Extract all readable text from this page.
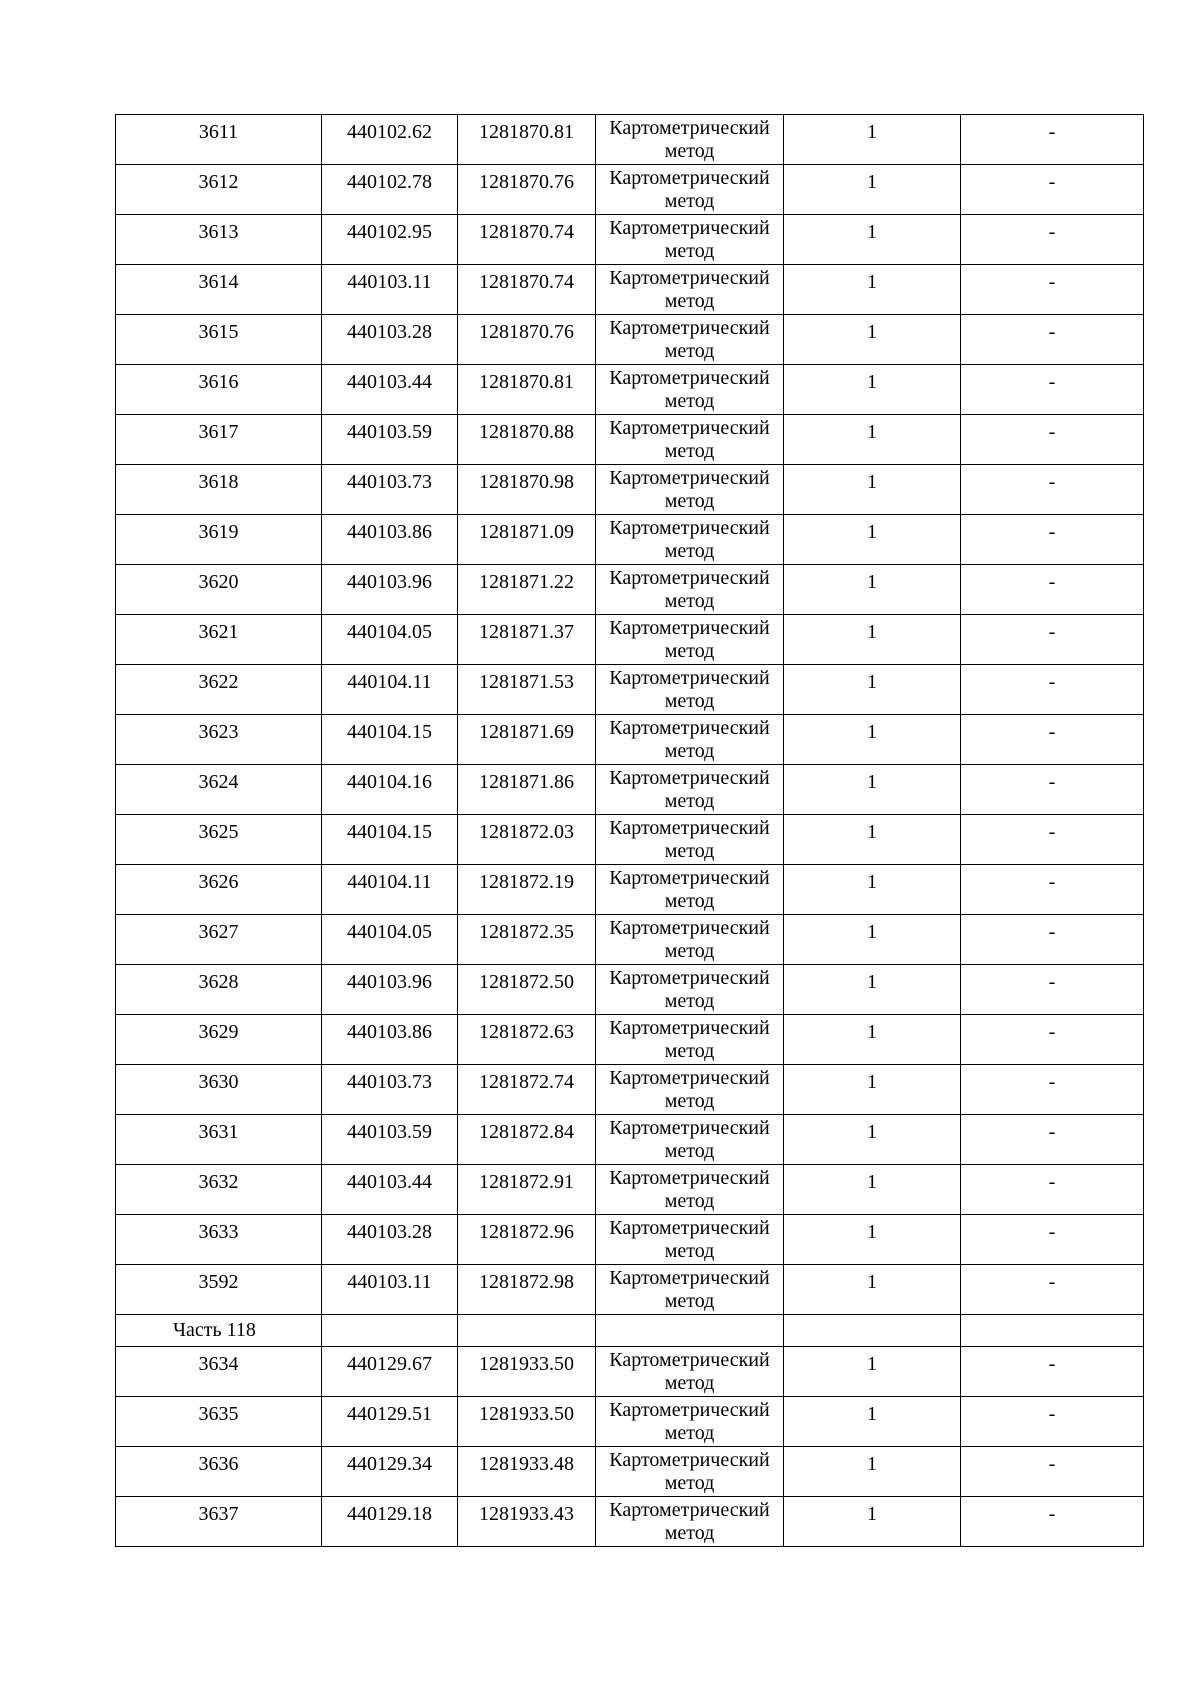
3611	440102.62	1281870.81	Картометрический метод	1	-
3612	440102.78	1281870.76	Картометрический метод	1	-
3613	440102.95	1281870.74	Картометрический метод	1	-
3614	440103.11	1281870.74	Картометрический метод	1	-
3615	440103.28	1281870.76	Картометрический метод	1	-
3616	440103.44	1281870.81	Картометрический метод	1	-
3617	440103.59	1281870.88	Картометрический метод	1	-
3618	440103.73	1281870.98	Картометрический метод	1	-
3619	440103.86	1281871.09	Картометрический метод	1	-
3620	440103.96	1281871.22	Картометрический метод	1	-
3621	440104.05	1281871.37	Картометрический метод	1	-
3622	440104.11	1281871.53	Картометрический метод	1	-
3623	440104.15	1281871.69	Картометрический метод	1	-
3624	440104.16	1281871.86	Картометрический метод	1	-
3625	440104.15	1281872.03	Картометрический метод	1	-
3626	440104.11	1281872.19	Картометрический метод	1	-
3627	440104.05	1281872.35	Картометрический метод	1	-
3628	440103.96	1281872.50	Картометрический метод	1	-
3629	440103.86	1281872.63	Картометрический метод	1	-
3630	440103.73	1281872.74	Картометрический метод	1	-
3631	440103.59	1281872.84	Картометрический метод	1	-
3632	440103.44	1281872.91	Картометрический метод	1	-
3633	440103.28	1281872.96	Картометрический метод	1	-
3592	440103.11	1281872.98	Картометрический метод	1	-
Часть 118					
3634	440129.67	1281933.50	Картометрический метод	1	-
3635	440129.51	1281933.50	Картометрический метод	1	-
3636	440129.34	1281933.48	Картометрический метод	1	-
3637	440129.18	1281933.43	Картометрический метод	1	-
